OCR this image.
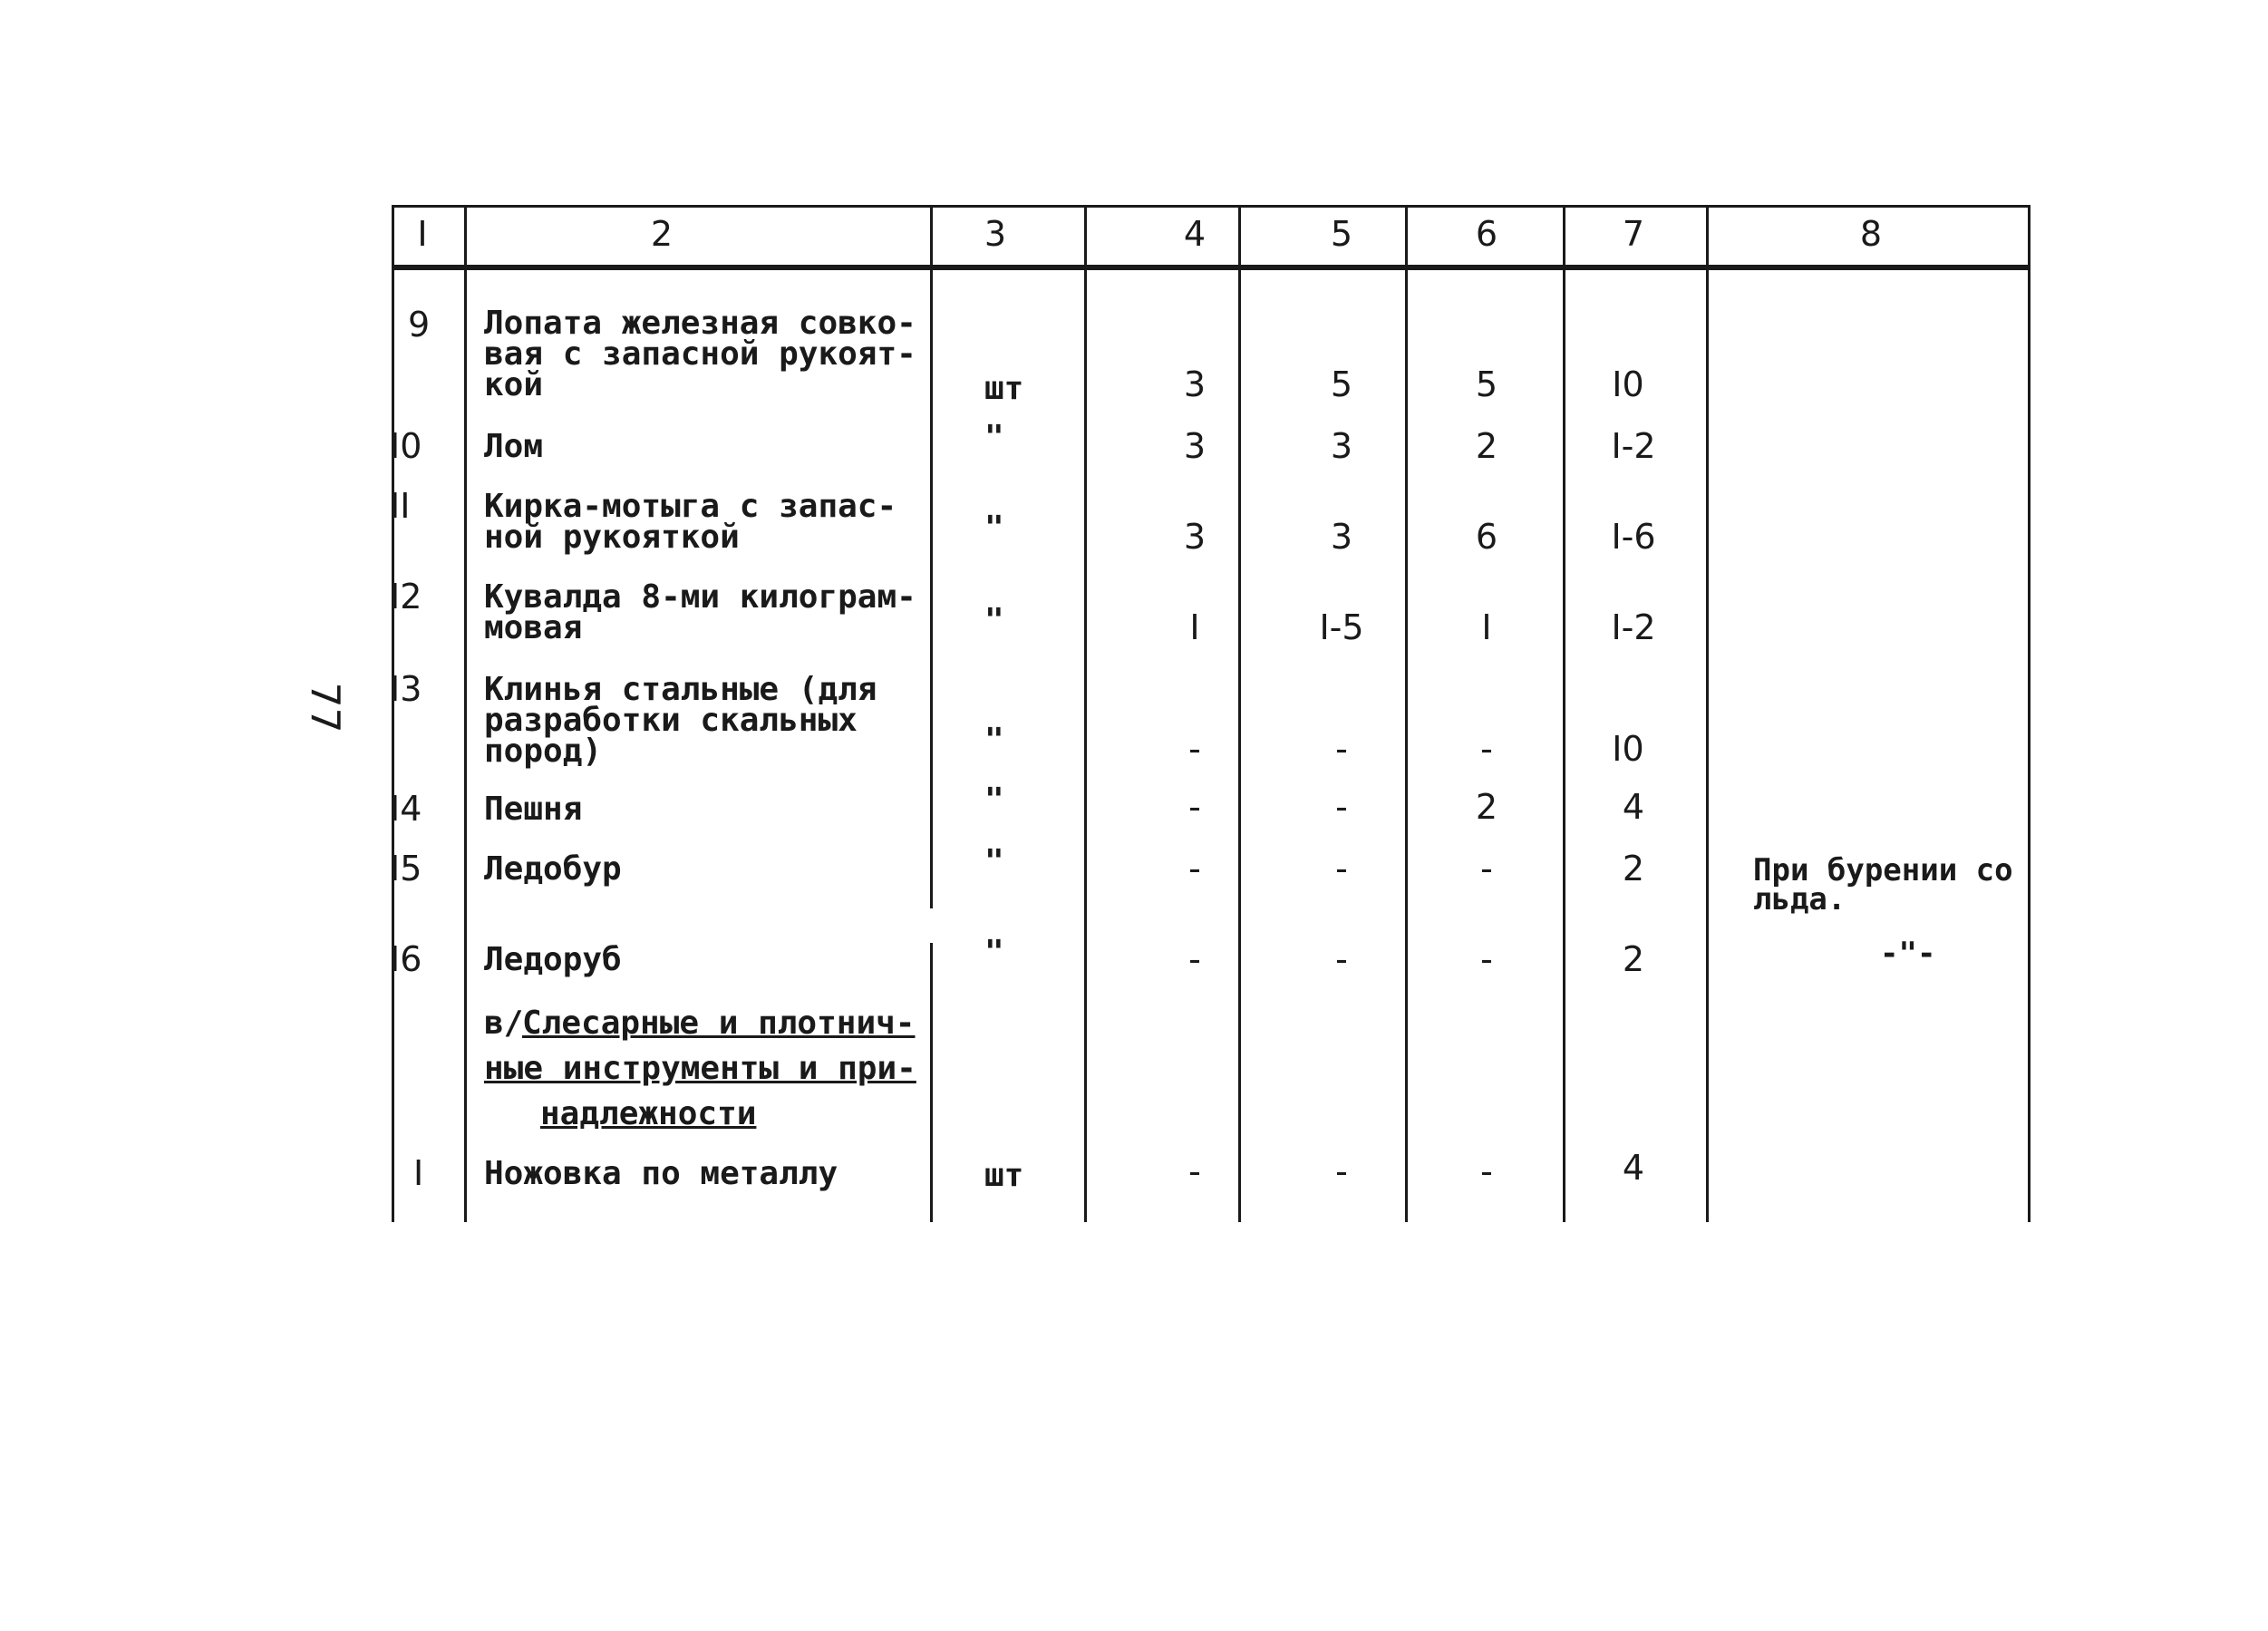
77
I	2	3	4	5	6	7	8
9 Лопата железная совко-
вая с запасной рукоят-
кой	шт	3	5	5	I0
I0 Лом	"	3	3	2	I-2
II Кирка-мотыга с запас-
ной рукояткой	"	3	3	6	I-6
I2 Кувалда 8-ми килограм-
мовая	"	I	I-5	I	I-2
I3 Клинья стальные (для
разработки скальных
пород)	"	-	-	-	I0
I4 Пешня	"	-	-	2	4
I5 Ледобур	"	-	-	-	2	При бурении со
льда.
I6 Ледоруб	"	-	-	-	2	-"-
в/
Слесарные и плотнич-
ные инструменты и при-
надлежности
I Ножовка по металлу	шт	-	-	-	4
